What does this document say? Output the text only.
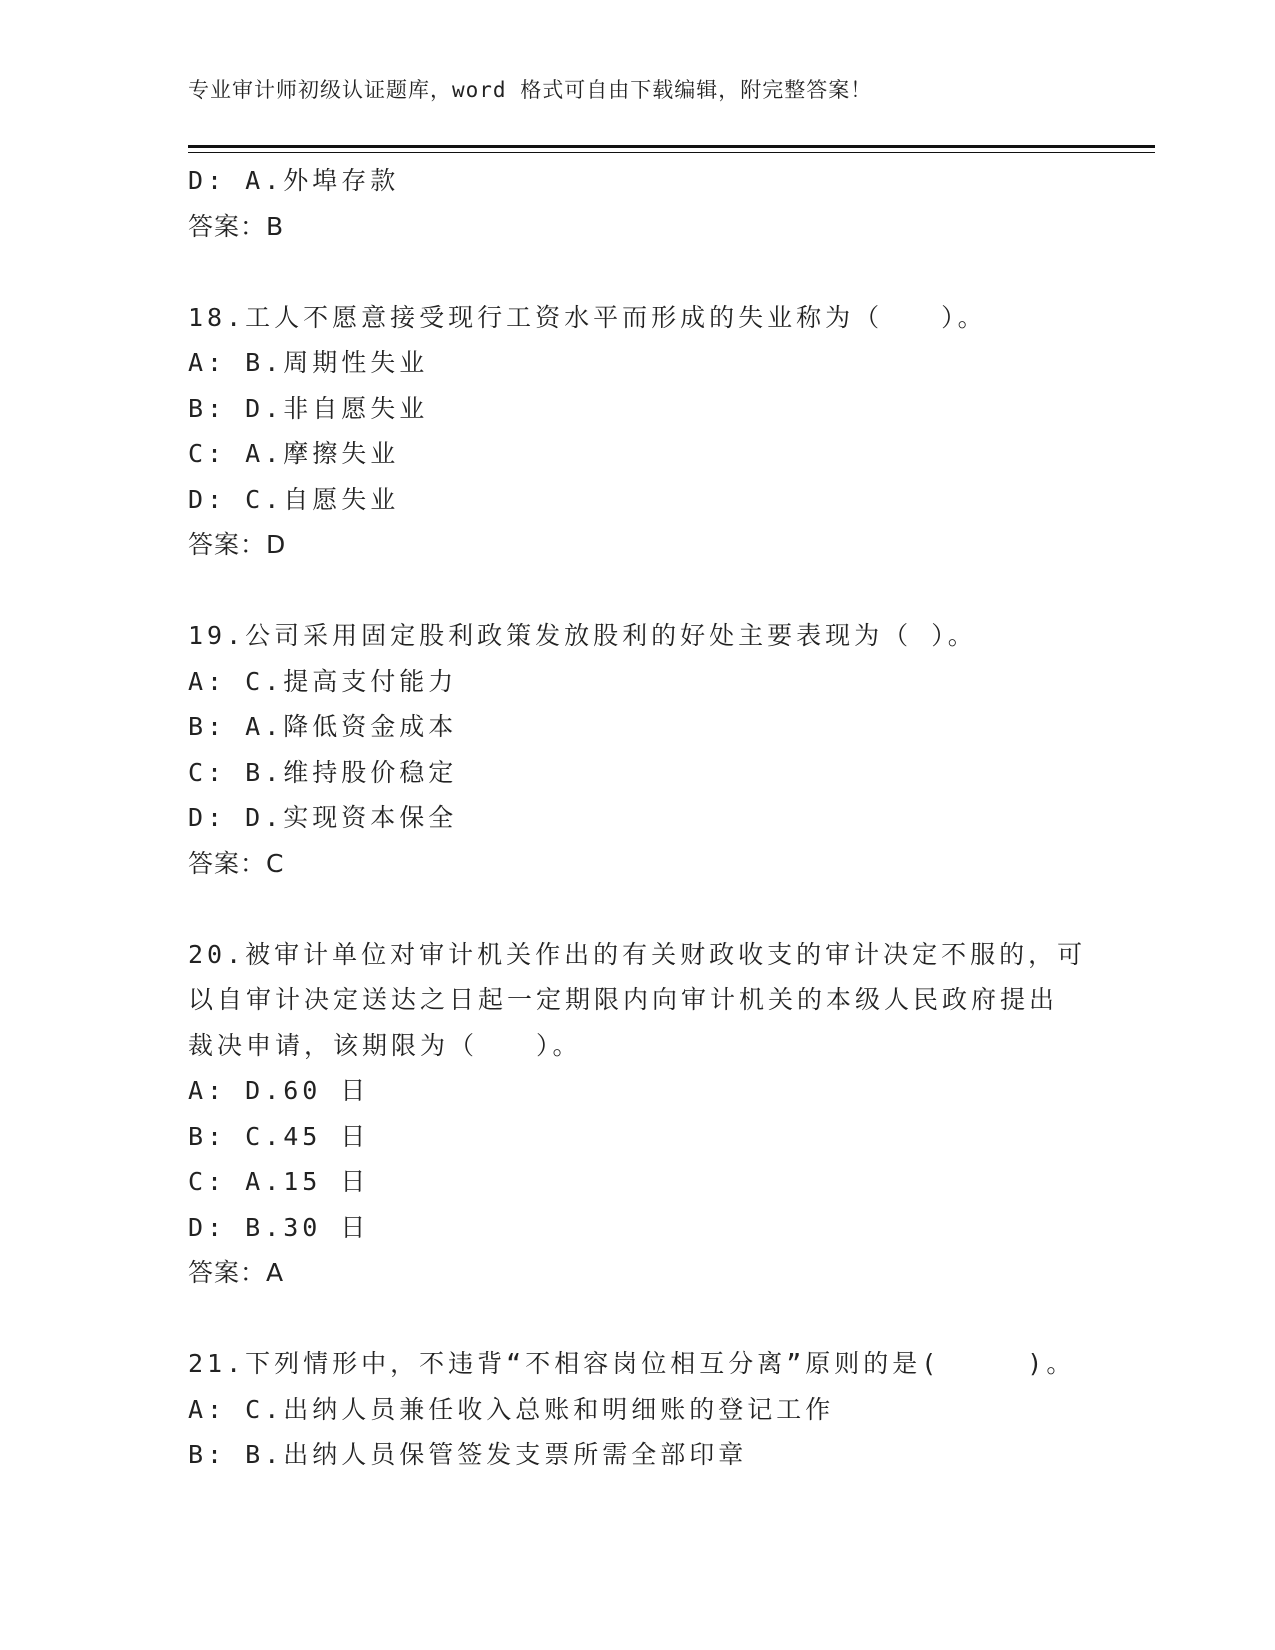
专业审计师初级认证题库，word 格式可自由下载编辑，附完整答案！
D: A.外埠存款
答案：B
18.工人不愿意接受现行工资水平而形成的失业称为（　　）。
A: B.周期性失业
B: D.非自愿失业
C: A.摩擦失业
D: C.自愿失业
答案：D
19.公司采用固定股利政策发放股利的好处主要表现为（ ）。
A: C.提高支付能力
B: A.降低资金成本
C: B.维持股价稳定
D: D.实现资本保全
答案：C
20.被审计单位对审计机关作出的有关财政收支的审计决定不服的，可
以自审计决定送达之日起一定期限内向审计机关的本级人民政府提出
裁决申请，该期限为（　　）。
A: D.60 日
B: C.45 日
C: A.15 日
D: B.30 日
答案：A
21.下列情形中，不违背“不相容岗位相互分离”原则的是(　　　)。
A: C.出纳人员兼任收入总账和明细账的登记工作
B: B.出纳人员保管签发支票所需全部印章
